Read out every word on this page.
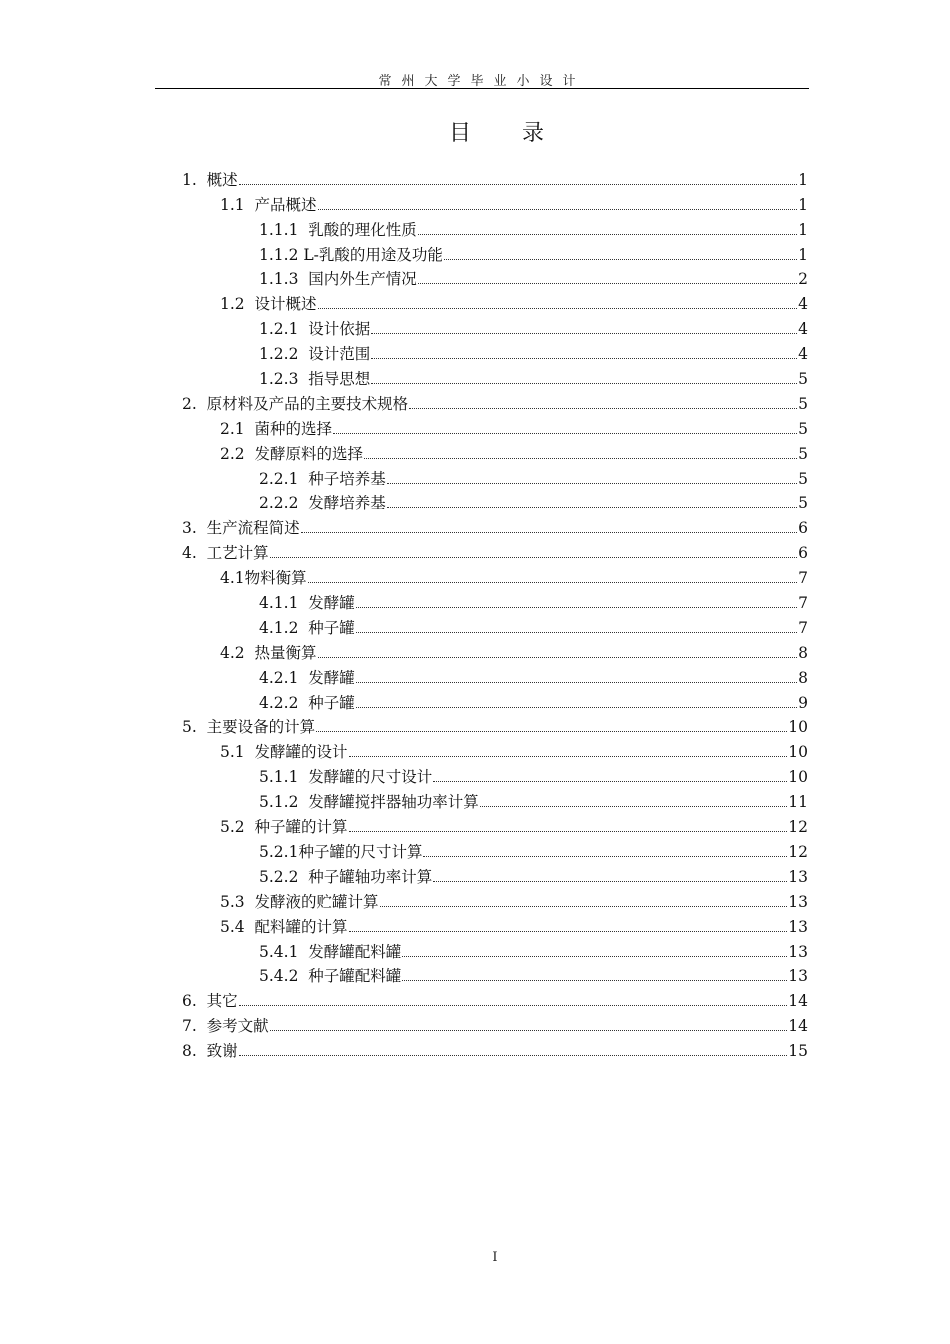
常州大学毕业小设计
目 录
1.  概述	1
1.1  产品概述	1
1.1.1  乳酸的理化性质	1
1.1.2 L-乳酸的用途及功能	1
1.1.3  国内外生产情况	2
1.2  设计概述	4
1.2.1  设计依据	4
1.2.2  设计范围	4
1.2.3  指导思想	5
2.  原材料及产品的主要技术规格	5
2.1  菌种的选择	5
2.2  发酵原料的选择	5
2.2.1  种子培养基	5
2.2.2  发酵培养基	5
3.  生产流程简述	6
4.  工艺计算	6
4.1物料衡算	7
4.1.1  发酵罐	7
4.1.2  种子罐	7
4.2  热量衡算	8
4.2.1  发酵罐	8
4.2.2  种子罐	9
5.  主要设备的计算	10
5.1  发酵罐的设计	10
5.1.1  发酵罐的尺寸设计	10
5.1.2  发酵罐搅拌器轴功率计算	11
5.2  种子罐的计算	12
5.2.1种子罐的尺寸计算	12
5.2.2  种子罐轴功率计算	13
5.3  发酵液的贮罐计算	13
5.4  配料罐的计算	13
5.4.1  发酵罐配料罐	13
5.4.2  种子罐配料罐	13
6.  其它	14
7.  参考文献	14
8.  致谢	15
I
